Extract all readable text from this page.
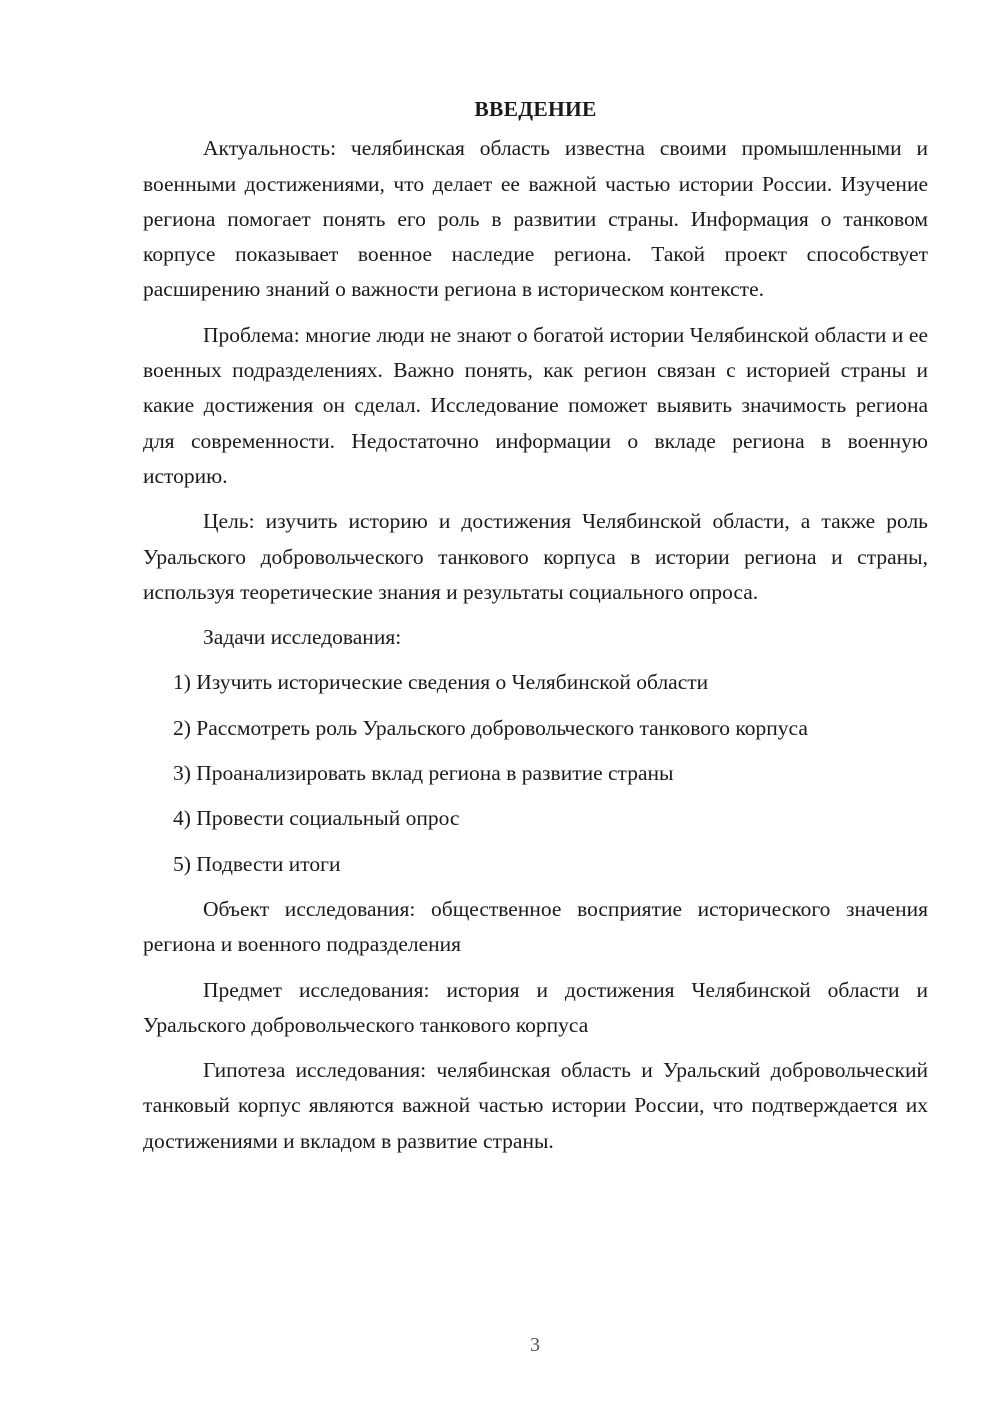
ВВЕДЕНИЕ

Актуальность: челябинская область известна своими промышленными и военными достижениями, что делает ее важной частью истории России. Изучение региона помогает понять его роль в развитии страны. Информация о танковом корпусе показывает военное наследие региона. Такой проект способствует расширению знаний о важности региона в историческом контексте.

Проблема: многие люди не знают о богатой истории Челябинской области и ее военных подразделениях. Важно понять, как регион связан с историей страны и какие достижения он сделал. Исследование поможет выявить значимость региона для современности. Недостаточно информации о вкладе региона в военную историю.

Цель: изучить историю и достижения Челябинской области, а также роль Уральского добровольческого танкового корпуса в истории региона и страны, используя теоретические знания и результаты социального опроса.

Задачи исследования:

1) Изучить исторические сведения о Челябинской области
2) Рассмотреть роль Уральского добровольческого танкового корпуса
3) Проанализировать вклад региона в развитие страны
4) Провести социальный опрос
5) Подвести итоги

Объект исследования: общественное восприятие исторического значения региона и военного подразделения

Предмет исследования: история и достижения Челябинской области и Уральского добровольческого танкового корпуса

Гипотеза исследования: челябинская область и Уральский добровольческий танковый корпус являются важной частью истории России, что подтверждается их достижениями и вкладом в развитие страны.

3
